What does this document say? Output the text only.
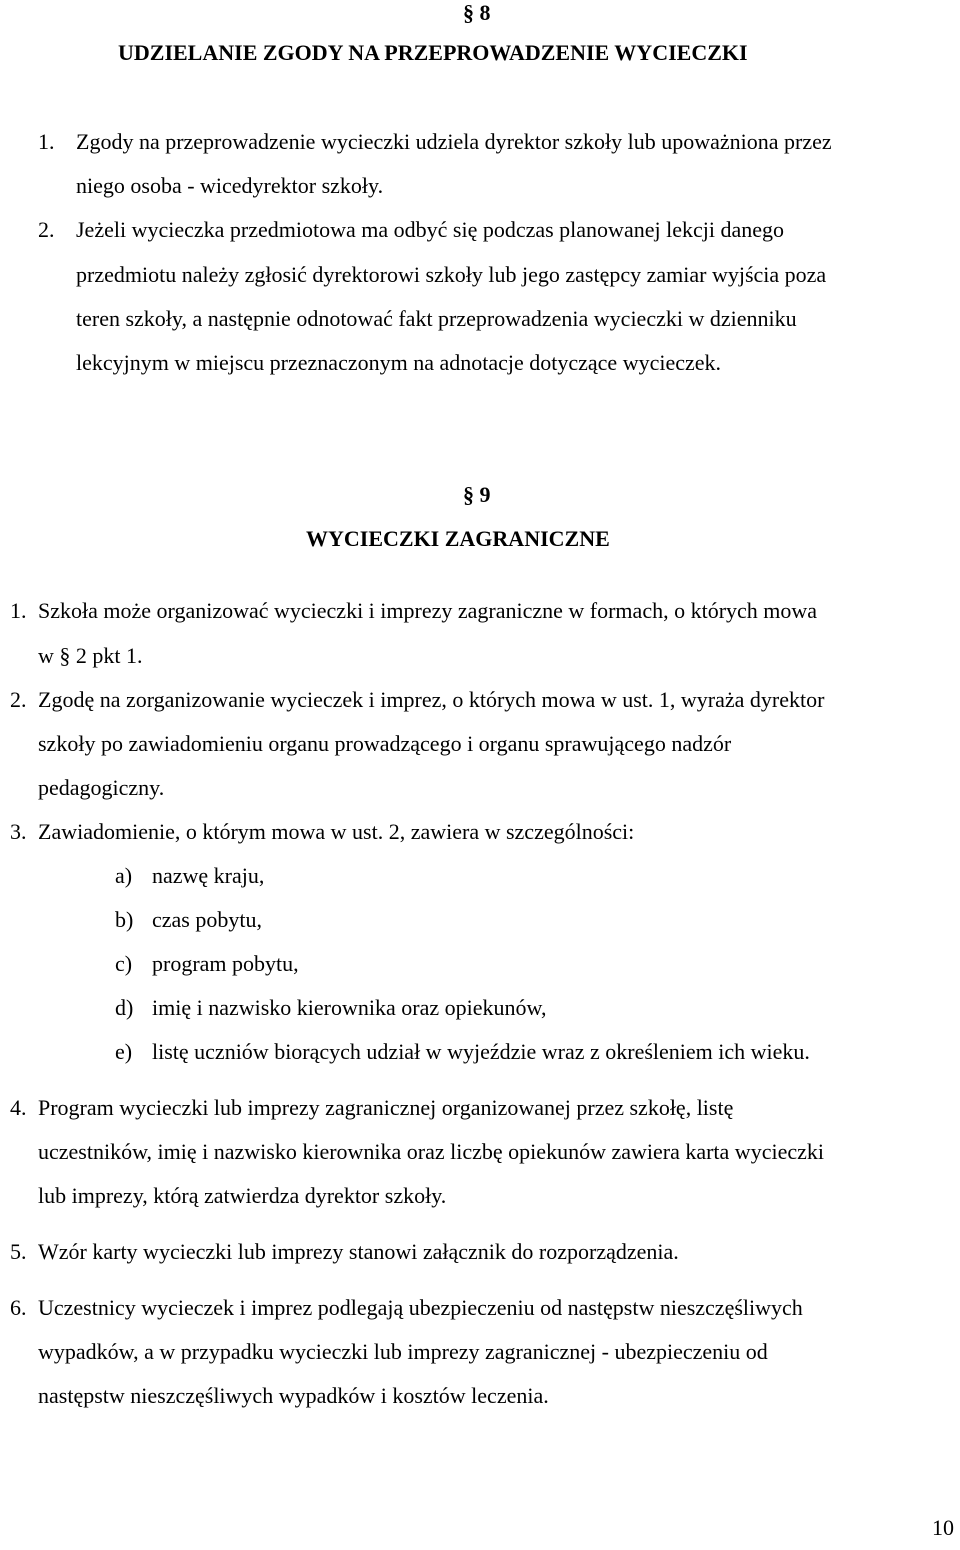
§ 8
UDZIELANIE ZGODY NA PRZEPROWADZENIE WYCIECZKI
1. Zgody na przeprowadzenie wycieczki udziela dyrektor szkoły lub upoważniona przez
niego osoba - wicedyrektor szkoły.
2. Jeżeli wycieczka przedmiotowa ma odbyć się podczas planowanej lekcji danego
przedmiotu należy zgłosić dyrektorowi szkoły lub jego zastępcy zamiar wyjścia poza
teren szkoły, a następnie odnotować fakt przeprowadzenia wycieczki w dzienniku
lekcyjnym w miejscu przeznaczonym na adnotacje dotyczące wycieczek.
§ 9
WYCIECZKI ZAGRANICZNE
1. Szkoła może organizować wycieczki i imprezy zagraniczne w formach, o których mowa
w § 2 pkt 1.
2. Zgodę na zorganizowanie wycieczek i imprez, o których mowa w ust. 1, wyraża dyrektor
szkoły po zawiadomieniu organu prowadzącego i organu sprawującego nadzór
pedagogiczny.
3. Zawiadomienie, o którym mowa w ust. 2, zawiera w szczególności:
a) nazwę kraju,
b) czas pobytu,
c) program pobytu,
d) imię i nazwisko kierownika oraz opiekunów,
e) listę uczniów biorących udział w wyjeździe wraz z określeniem ich wieku.
4. Program wycieczki lub imprezy zagranicznej organizowanej przez szkołę, listę
uczestników, imię i nazwisko kierownika oraz liczbę opiekunów zawiera karta wycieczki
lub imprezy, którą zatwierdza dyrektor szkoły.
5. Wzór karty wycieczki lub imprezy stanowi załącznik do rozporządzenia.
6. Uczestnicy wycieczek i imprez podlegają ubezpieczeniu od następstw nieszczęśliwych
wypadków, a w przypadku wycieczki lub imprezy zagranicznej - ubezpieczeniu od
następstw nieszczęśliwych wypadków i kosztów leczenia.
10
